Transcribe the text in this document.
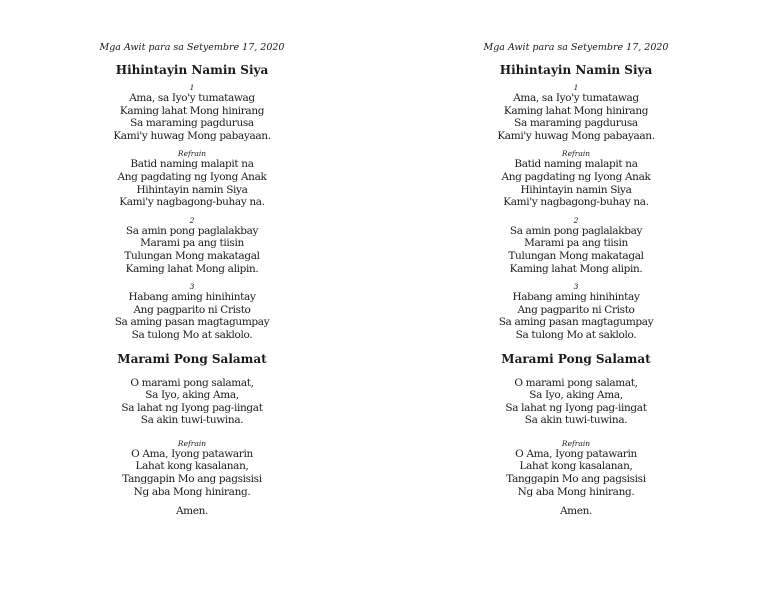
Mga Awit para sa Setyembre 17, 2020
Hihintayin Namin Siya
1
Ama, sa Iyo'y tumatawag
Kaming lahat Mong hinirang
Sa maraming pagdurusa
Kami'y huwag Mong pabayaan.
Refrain
Batid naming malapit na
Ang pagdating ng Iyong Anak
Hihintayin namin Siya
Kami'y nagbagong-buhay na.
2
Sa amin pong paglalakbay
Marami pa ang tiisin
Tulungan Mong makatagal
Kaming lahat Mong alipin.
3
Habang aming hinihintay
Ang pagparito ni Cristo
Sa aming pasan magtagumpay
Sa tulong Mo at saklolo.
Marami Pong Salamat
O marami pong salamat,
Sa Iyo, aking Ama,
Sa lahat ng Iyong pag-iingat
Sa akin tuwi-tuwina.
Refrain
O Ama, Iyong patawarin
Lahat kong kasalanan,
Tanggapin Mo ang pagsisisi
Ng aba Mong hinirang.
Amen.
Mga Awit para sa Setyembre 17, 2020
Hihintayin Namin Siya
1
Ama, sa Iyo'y tumatawag
Kaming lahat Mong hinirang
Sa maraming pagdurusa
Kami'y huwag Mong pabayaan.
Refrain
Batid naming malapit na
Ang pagdating ng Iyong Anak
Hihintayin namin Siya
Kami'y nagbagong-buhay na.
2
Sa amin pong paglalakbay
Marami pa ang tiisin
Tulungan Mong makatagal
Kaming lahat Mong alipin.
3
Habang aming hinihintay
Ang pagparito ni Cristo
Sa aming pasan magtagumpay
Sa tulong Mo at saklolo.
Marami Pong Salamat
O marami pong salamat,
Sa Iyo, aking Ama,
Sa lahat ng Iyong pag-iingat
Sa akin tuwi-tuwina.
Refrain
O Ama, Iyong patawarin
Lahat kong kasalanan,
Tanggapin Mo ang pagsisisi
Ng aba Mong hinirang.
Amen.
